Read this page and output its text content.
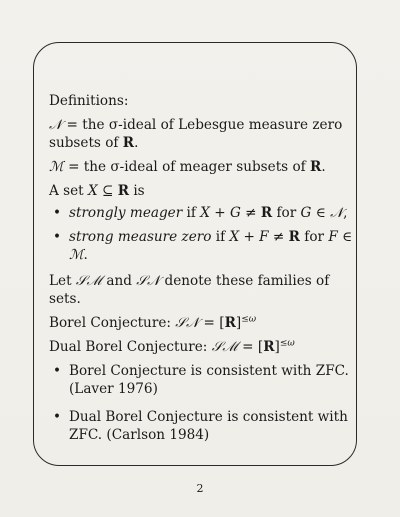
Definitions:

𝒩 = the σ-ideal of Lebesgue measure zero subsets of R.

ℳ = the σ-ideal of meager subsets of R.

A set X ⊆ R is

• strongly meager if X + G ≠ R for G ∈ 𝒩,
• strong measure zero if X + F ≠ R for F ∈ ℳ.

Let 𝒮ℳ and 𝒮𝒩 denote these families of sets.

Borel Conjecture: 𝒮𝒩 = $[R]^{\le\omega}$

Dual Borel Conjecture: 𝒮ℳ = $[R]^{\le\omega}$

• Borel Conjecture is consistent with ZFC. (Laver 1976)
• Dual Borel Conjecture is consistent with ZFC. (Carlson 1984)
2
